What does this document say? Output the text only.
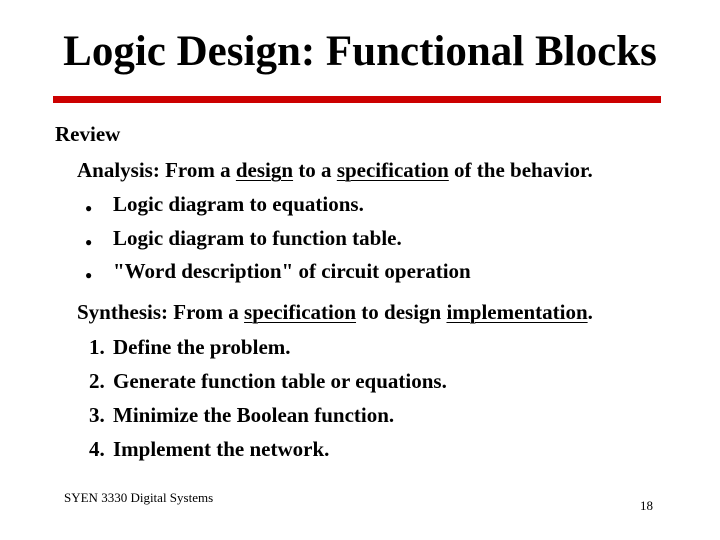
Logic Design: Functional Blocks
Review
Analysis: From a design to a specification of the behavior.
● Logic diagram to equations.
● Logic diagram to function table.
● "Word description" of circuit operation
Synthesis: From a specification to design implementation.
1. Define the problem.
2. Generate function table or equations.
3. Minimize the Boolean function.
4. Implement the network.
SYEN 3330 Digital Systems
18
